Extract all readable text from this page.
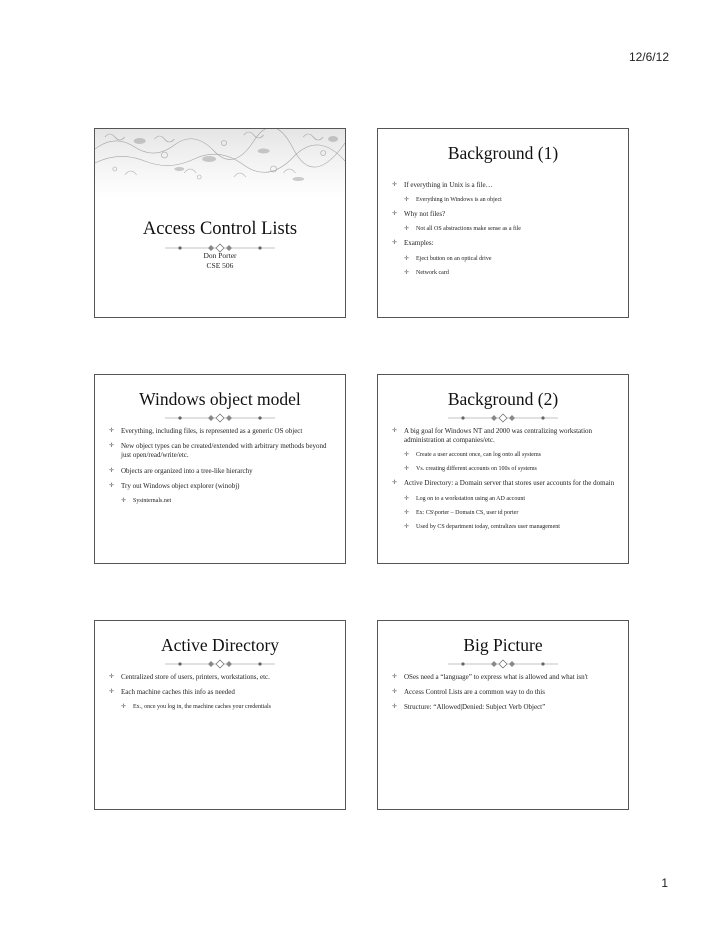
12/6/12
Access Control Lists
Don Porter
CSE 506
Background (1)
✛ If everything in Unix is a file…
✛ Everything in Windows is an object
✛ Why not files?
✛ Not all OS abstractions make sense as a file
✛ Examples:
✛ Eject button on an optical drive
✛ Network card
Windows object model
✛ Everything, including files, is represented as a generic OS object
✛ New object types can be created/extended with arbitrary methods beyond just open/read/write/etc.
✛ Objects are organized into a tree-like hierarchy
✛ Try out Windows object explorer (winobj)
✛ Sysinternals.net
Background (2)
✛ A big goal for Windows NT and 2000 was centralizing workstation administration at companies/etc.
✛ Create a user account once, can log onto all systems
✛ Vs. creating different accounts on 100s of systems
✛ Active Directory: a Domain server that stores user accounts for the domain
✛ Log on to a workstation using an AD account
✛ Ex: CS\porter – Domain CS, user id porter
✛ Used by CS department today, centralizes user management
Active Directory
✛ Centralized store of users, printers, workstations, etc.
✛ Each machine caches this info as needed
✛ Ex., once you log in, the machine caches your credentials
Big Picture
✛ OSes need a “language” to express what is allowed and what isn't
✛ Access Control Lists are a common way to do this
✛ Structure: “Allowed|Denied: Subject Verb Object”
1
